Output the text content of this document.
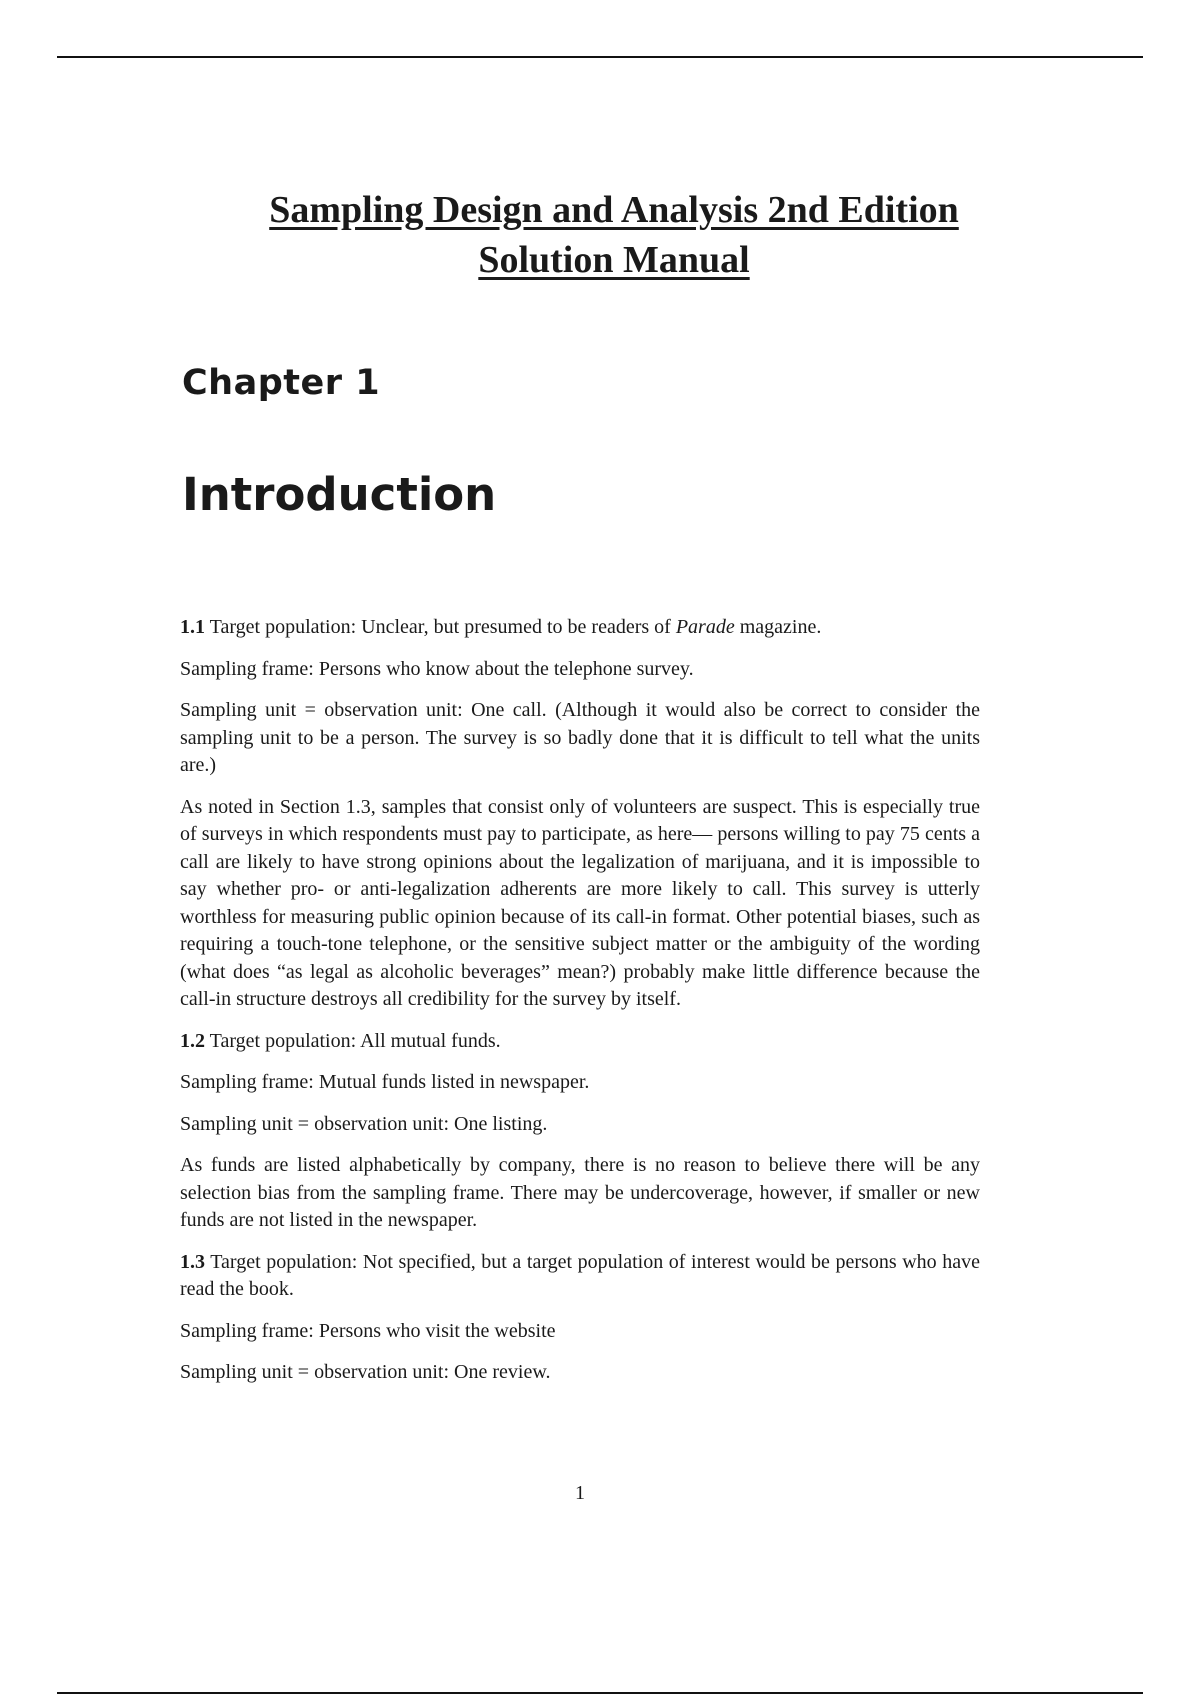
Sampling Design and Analysis 2nd Edition
Solution Manual
Chapter 1
Introduction

1.1 Target population: Unclear, but presumed to be readers of Parade magazine.

Sampling frame: Persons who know about the telephone survey.

Sampling unit = observation unit: One call. (Although it would also be correct to consider the sampling unit to be a person. The survey is so badly done that it is difficult to tell what the units are.)

As noted in Section 1.3, samples that consist only of volunteers are suspect. This is especially true of surveys in which respondents must pay to participate, as here— persons willing to pay 75 cents a call are likely to have strong opinions about the legalization of marijuana, and it is impossible to say whether pro- or anti-legalization adherents are more likely to call. This survey is utterly worthless for measuring public opinion because of its call-in format. Other potential biases, such as requiring a touch-tone telephone, or the sensitive subject matter or the ambiguity of the wording (what does “as legal as alcoholic beverages” mean?) probably make little difference because the call-in structure destroys all credibility for the survey by itself.

1.2 Target population: All mutual funds.

Sampling frame: Mutual funds listed in newspaper.

Sampling unit = observation unit: One listing.

As funds are listed alphabetically by company, there is no reason to believe there will be any selection bias from the sampling frame. There may be undercoverage, however, if smaller or new funds are not listed in the newspaper.

1.3 Target population: Not specified, but a target population of interest would be persons who have read the book.

Sampling frame: Persons who visit the website

Sampling unit = observation unit: One review.

1
